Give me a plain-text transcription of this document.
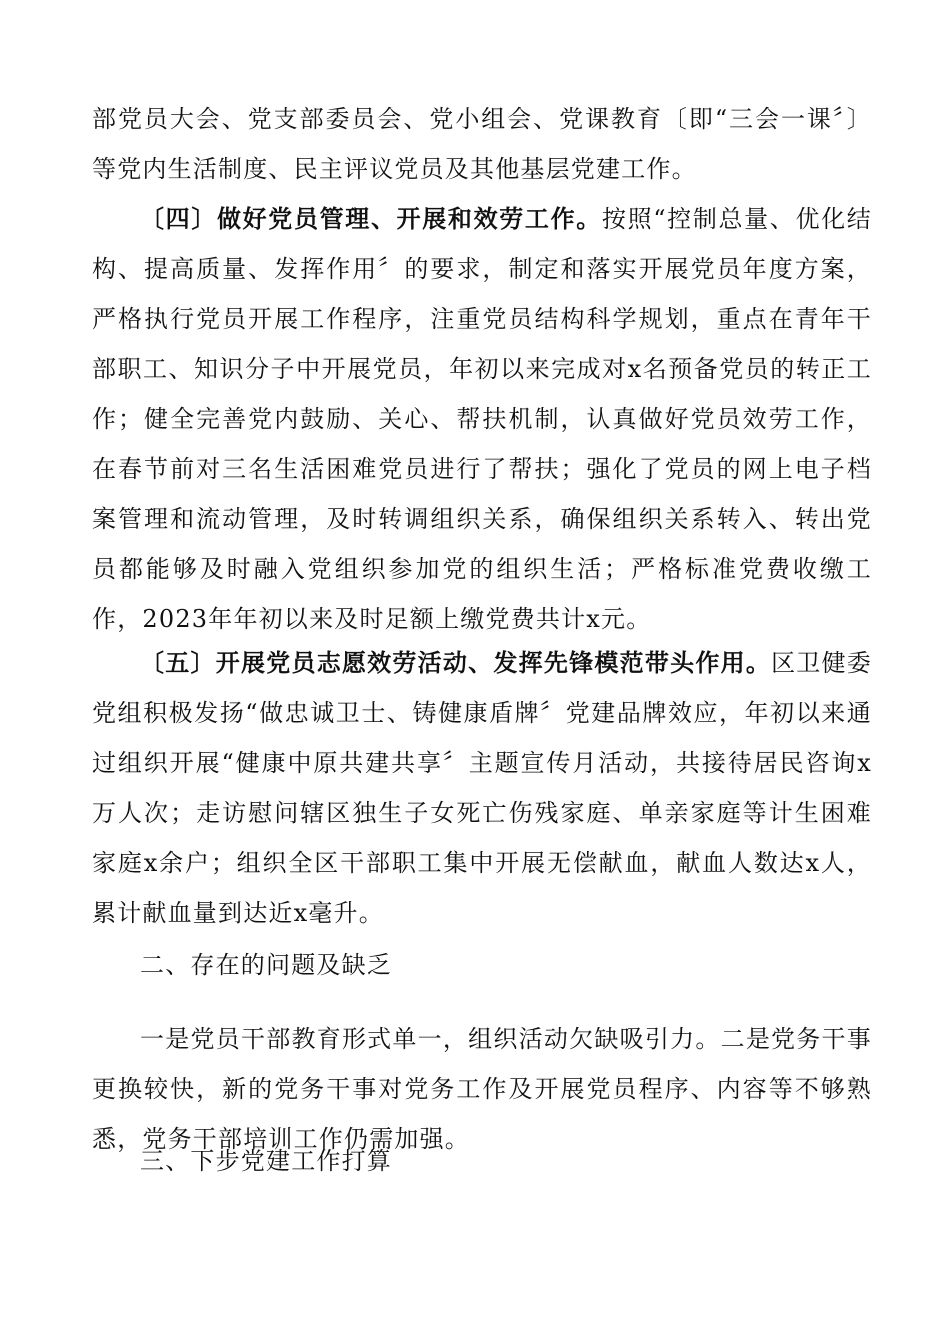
部党员大会、党支部委员会、党小组会、党课教育〔即“三会一课〞〕等党内生活制度、民主评议党员及其他基层党建工作。

〔四〕做好党员管理、开展和效劳工作。按照“控制总量、优化结构、提高质量、发挥作用〞的要求，制定和落实开展党员年度方案，严格执行党员开展工作程序，注重党员结构科学规划，重点在青年干部职工、知识分子中开展党员，年初以来完成对x名预备党员的转正工作；健全完善党内鼓励、关心、帮扶机制，认真做好党员效劳工作，在春节前对三名生活困难党员进行了帮扶；强化了党员的网上电子档案管理和流动管理，及时转调组织关系，确保组织关系转入、转出党员都能够及时融入党组织参加党的组织生活；严格标准党费收缴工作，2023年年初以来及时足额上缴党费共计x元。

〔五〕开展党员志愿效劳活动、发挥先锋模范带头作用。区卫健委党组积极发扬“做忠诚卫士、铸健康盾牌〞党建品牌效应，年初以来通过组织开展“健康中原共建共享〞主题宣传月活动，共接待居民咨询x万人次；走访慰问辖区独生子女死亡伤残家庭、单亲家庭等计生困难家庭x余户；组织全区干部职工集中开展无偿献血，献血人数达x人，累计献血量到达近x毫升。

二、存在的问题及缺乏

一是党员干部教育形式单一，组织活动欠缺吸引力。二是党务干事更换较快，新的党务干事对党务工作及开展党员程序、内容等不够熟悉，党务干部培训工作仍需加强。

三、下步党建工作打算
